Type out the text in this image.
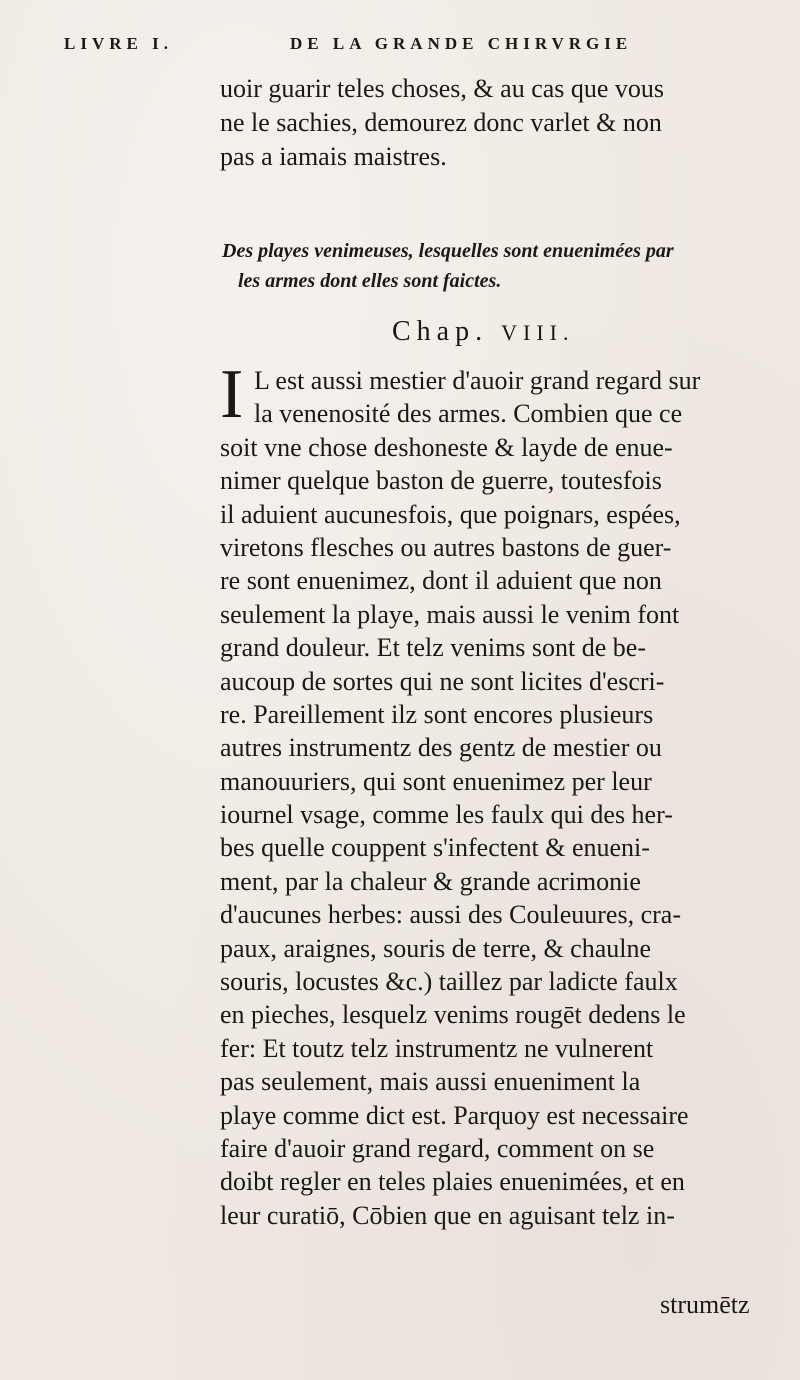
LIVRE I.	DE LA GRANDE CHIRVRGIE
uoir guarir teles choses, & au cas que vous
ne le sachies, demourez donc varlet & non
pas a iamais maistres.
Des playes venimeuses, lesquelles sont enuenimées par
les armes dont elles sont faictes.
Chap. VIII.
I L est aussi mestier d'auoir grand regard sur
la venenosité des armes. Combien que ce
soit vne chose deshoneste & layde de enue-
nimer quelque baston de guerre, toutesfois
il aduient aucunesfois, que poignars, espées,
viretons flesches ou autres bastons de guer-
re sont enuenimez, dont il aduient que non
seulement la playe, mais aussi le venim font
grand douleur. Et telz venims sont de be-
aucoup de sortes qui ne sont licites d'escri-
re. Pareillement ilz sont encores plusieurs
autres instrumentz des gentz de mestier ou
manouuriers, qui sont enuenimez per leur
iournel vsage, comme les faulx qui des her-
bes quelle couppent s'infectent & enueni-
ment, par la chaleur & grande acrimonie
d'aucunes herbes: aussi des Couleuures, cra-
paux, araignes, souris de terre, & chaulne
souris, locustes &c.) taillez par ladicte faulx
en pieches, lesquelz venims rougēt dedens le
fer: Et toutz telz instrumentz ne vulnerent
pas seulement, mais aussi enueniment la
playe comme dict est. Parquoy est necessaire
faire d'auoir grand regard, comment on se
doibt regler en teles plaies enuenimées, et en
leur curatiō, Cōbien que en aguisant telz in-
strumētz
